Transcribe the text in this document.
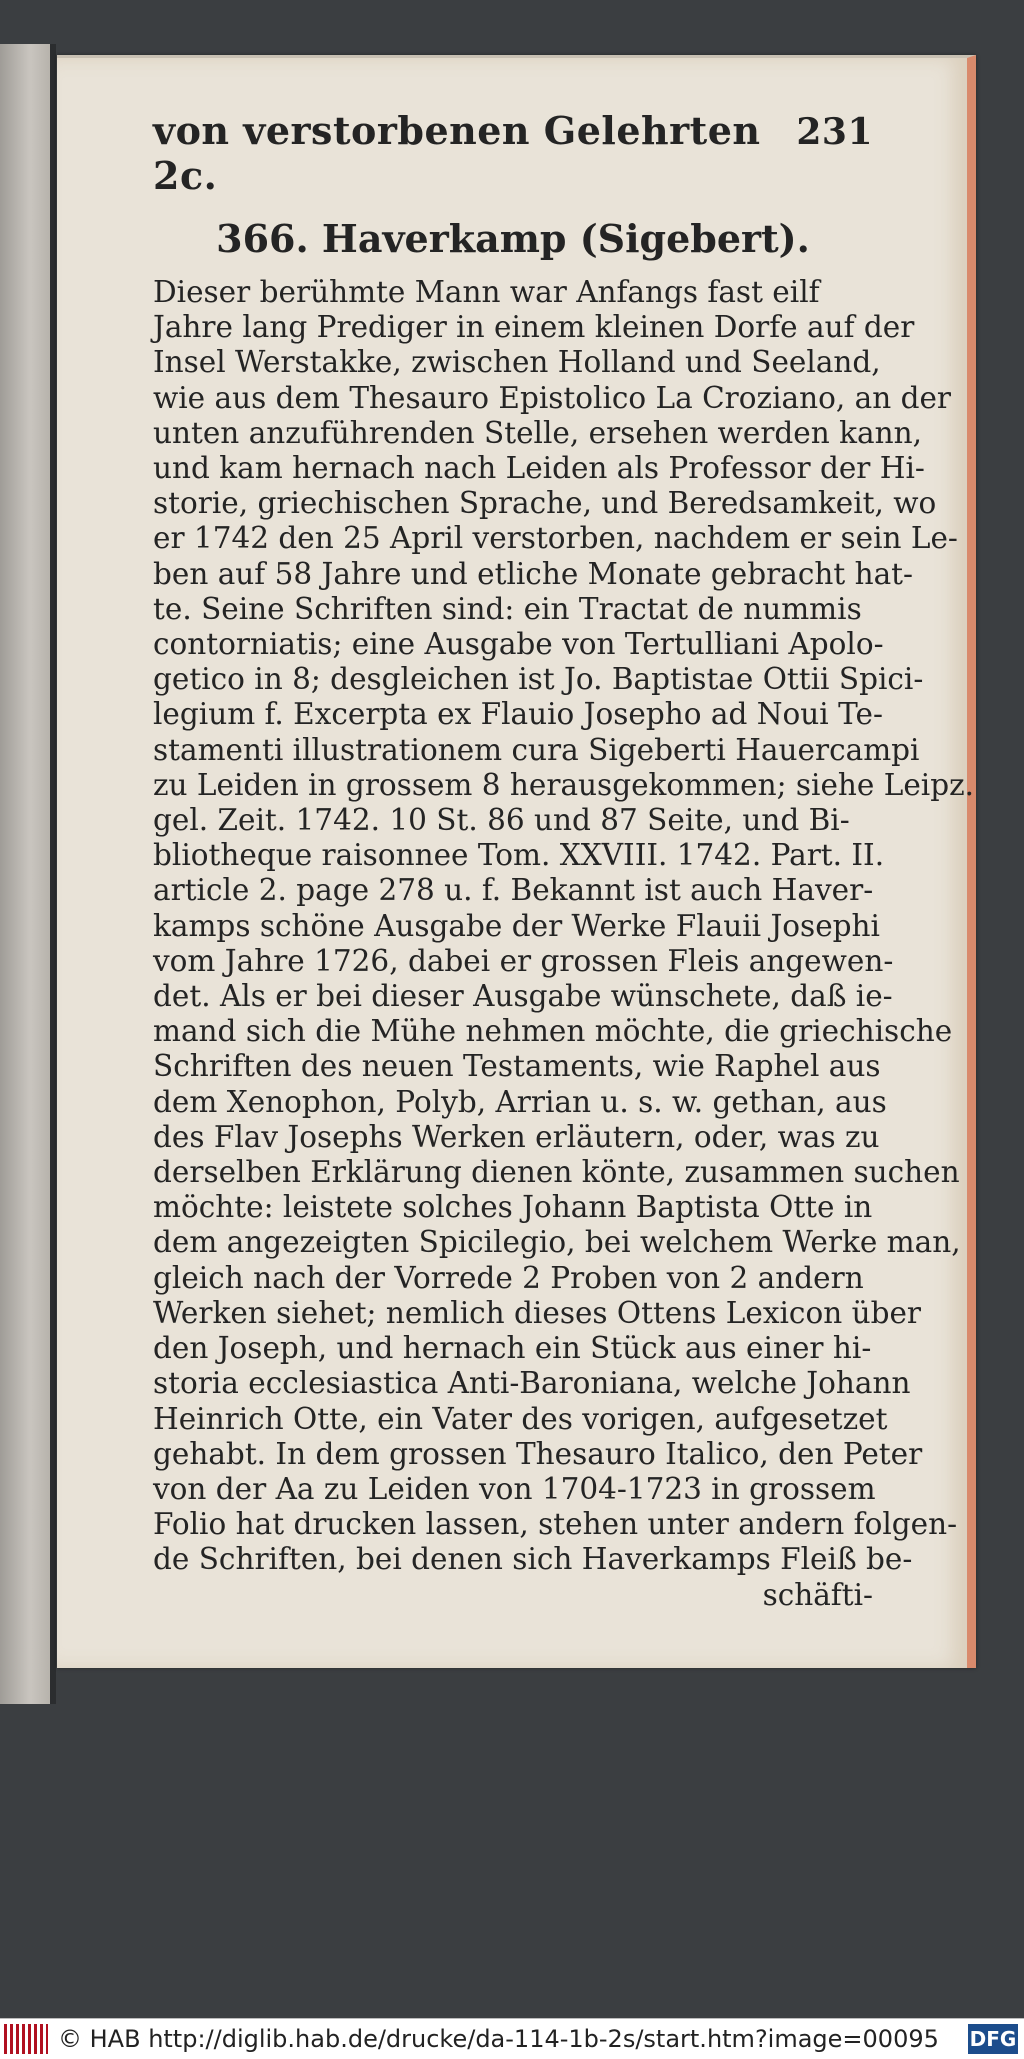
von verstorbenen Gelehrten 2c.
231
366. Haverkamp (Sigebert).
Dieser berühmte Mann war Anfangs fast eilf
Jahre lang Prediger in einem kleinen Dorfe auf der
Insel Werstakke, zwischen Holland und Seeland,
wie aus dem Thesauro Epistolico La Croziano, an der
unten anzuführenden Stelle, ersehen werden kann,
und kam hernach nach Leiden als Professor der Hi-
storie, griechischen Sprache, und Beredsamkeit, wo
er 1742 den 25 April verstorben, nachdem er sein Le-
ben auf 58 Jahre und etliche Monate gebracht hat-
te. Seine Schriften sind: ein Tractat de nummis
contorniatis; eine Ausgabe von Tertulliani Apolo-
getico in 8; desgleichen ist Jo. Baptistae Ottii Spici-
legium f. Excerpta ex Flauio Josepho ad Noui Te-
stamenti illustrationem cura Sigeberti Hauercampi
zu Leiden in grossem 8 herausgekommen; siehe Leipz.
gel. Zeit. 1742. 10 St. 86 und 87 Seite, und Bi-
bliotheque raisonnee Tom. XXVIII. 1742. Part. II.
article 2. page 278 u. f. Bekannt ist auch Haver-
kamps schöne Ausgabe der Werke Flauii Josephi
vom Jahre 1726, dabei er grossen Fleis angewen-
det. Als er bei dieser Ausgabe wünschete, daß ie-
mand sich die Mühe nehmen möchte, die griechische
Schriften des neuen Testaments, wie Raphel aus
dem Xenophon, Polyb, Arrian u. s. w. gethan, aus
des Flav Josephs Werken erläutern, oder, was zu
derselben Erklärung dienen könte, zusammen suchen
möchte: leistete solches Johann Baptista Otte in
dem angezeigten Spicilegio, bei welchem Werke man,
gleich nach der Vorrede 2 Proben von 2 andern
Werken siehet; nemlich dieses Ottens Lexicon über
den Joseph, und hernach ein Stück aus einer hi-
storia ecclesiastica Anti-Baroniana, welche Johann
Heinrich Otte, ein Vater des vorigen, aufgesetzet
gehabt. In dem grossen Thesauro Italico, den Peter
von der Aa zu Leiden von 1704-1723 in grossem
Folio hat drucken lassen, stehen unter andern folgen-
de Schriften, bei denen sich Haverkamps Fleiß be-
schäfti-
© HAB http://diglib.hab.de/drucke/da-114-1b-2s/start.htm?image=00095 DFG
